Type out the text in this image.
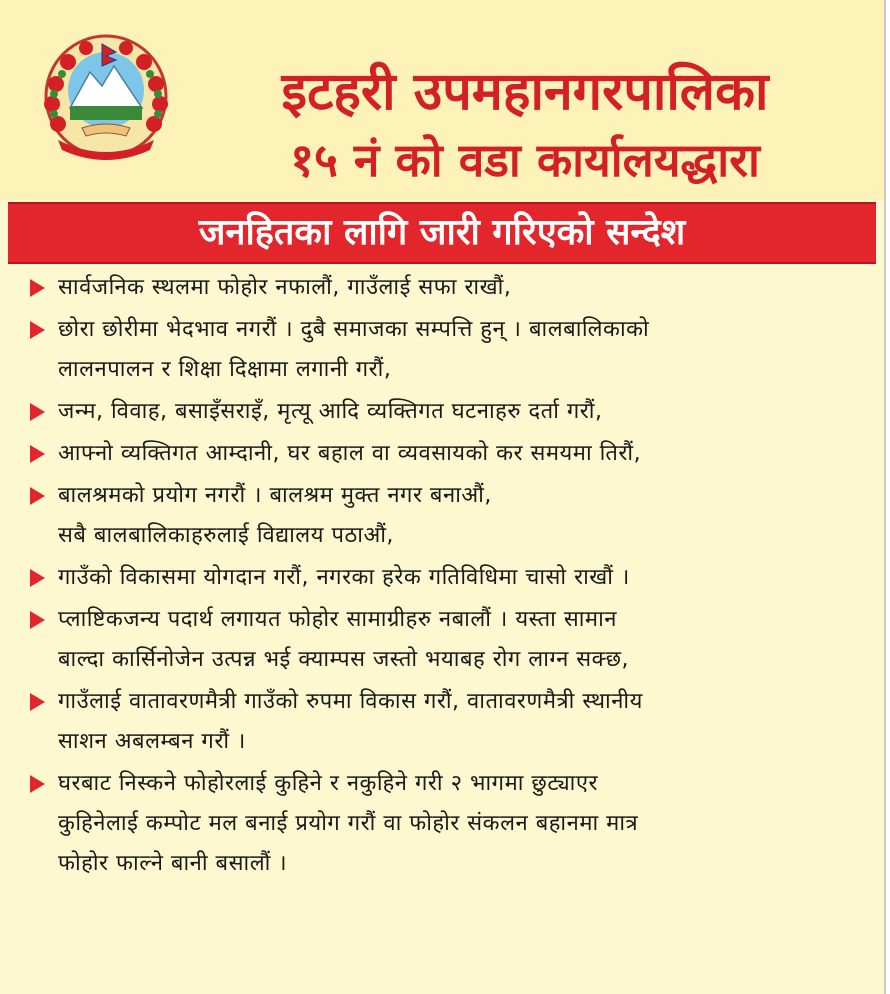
इटहरी उपमहानगरपालिका
१५ नं को वडा कार्यालयद्धारा
जनहितका लागि जारी गरिएको सन्देश
सार्वजनिक स्थलमा फोहोर नफालौं, गाउँलाई सफा राखौं,
छोरा छोरीमा भेदभाव नगरौं । दुबै समाजका सम्पत्ति हुन् । बालबालिकाको
लालनपालन र शिक्षा दिक्षामा लगानी गरौं,
जन्म, विवाह, बसाइँसराइँ, मृत्यू आदि व्यक्तिगत घटनाहरु दर्ता गरौं,
आफ्नो व्यक्तिगत आम्दानी, घर बहाल वा व्यवसायको कर समयमा तिरौं,
बालश्रमको प्रयोग नगरौं । बालश्रम मुक्त नगर बनाऔं,
सबै बालबालिकाहरुलाई विद्यालय पठाऔं,
गाउँको विकासमा योगदान गरौं, नगरका हरेक गतिविधिमा चासो राखौं ।
प्लाष्टिकजन्य पदार्थ लगायत फोहोर सामाग्रीहरु नबालौं । यस्ता सामान
बाल्दा कार्सिनोजेन उत्पन्न भई क्याम्पस जस्तो भयाबह रोग लाग्न सक्छ,
गाउँलाई वातावरणमैत्री गाउँको रुपमा विकास गरौं, वातावरणमैत्री स्थानीय
साशन अबलम्बन गरौं ।
घरबाट निस्कने फोहोरलाई कुहिने र नकुहिने गरी २ भागमा छुट्याएर
कुहिनेलाई कम्पोट मल बनाई प्रयोग गरौं वा फोहोर संकलन बहानमा मात्र
फोहोर फाल्ने बानी बसालौं ।
